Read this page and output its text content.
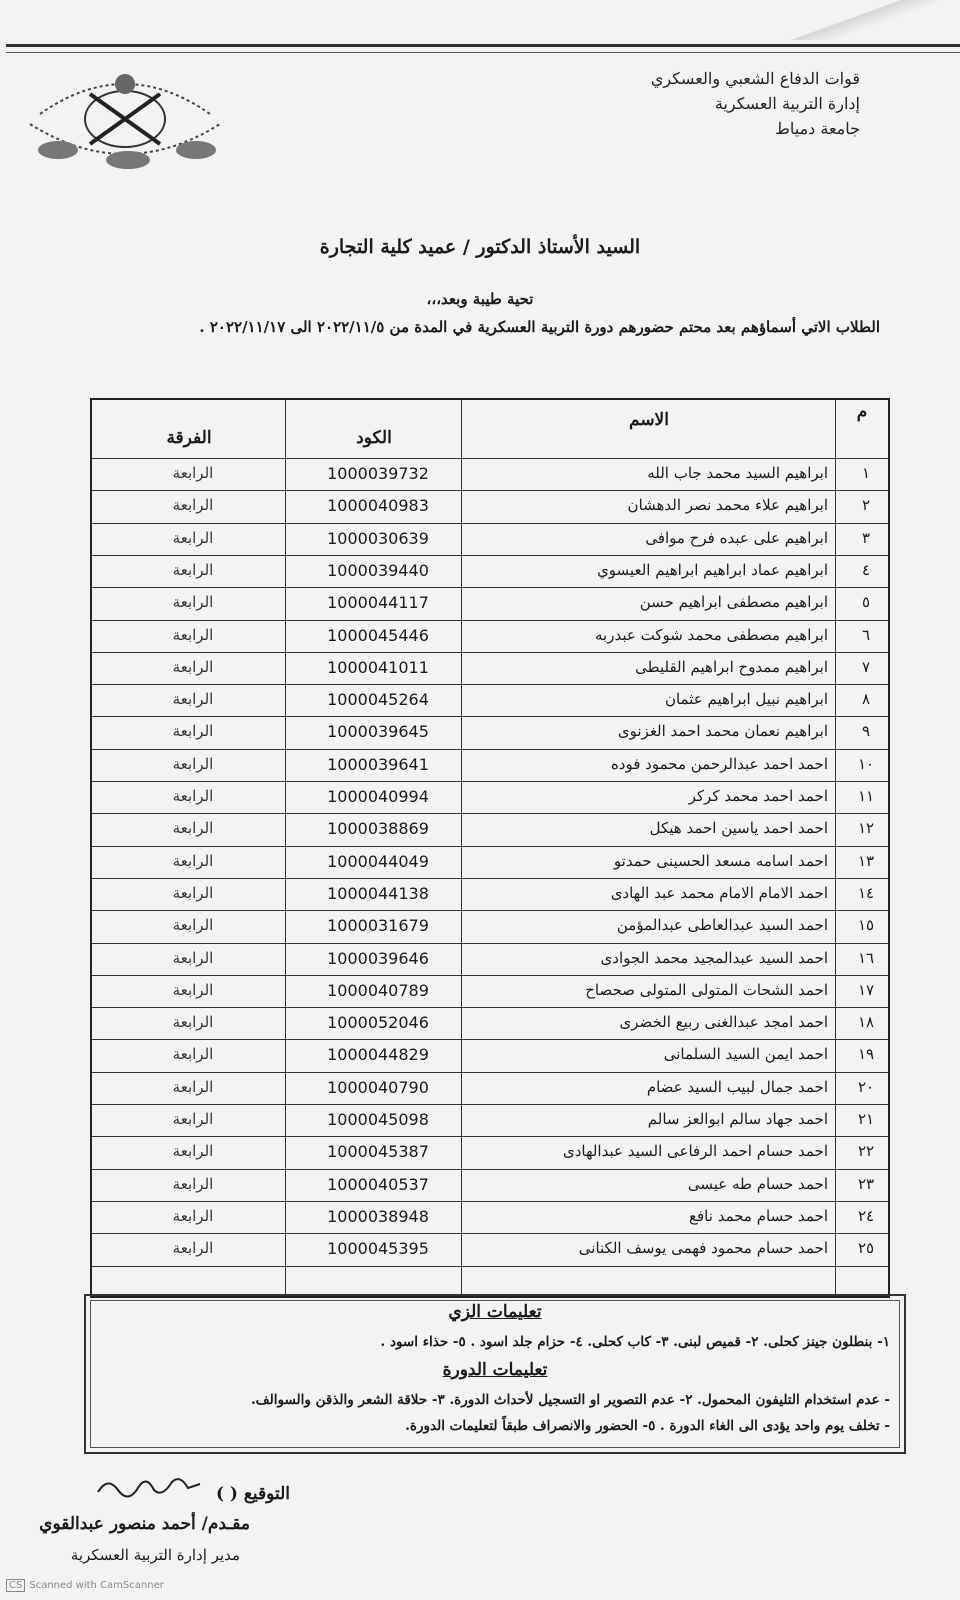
قوات الدفاع الشعبي والعسكري
إدارة التربية العسكرية
جامعة دمياط
السيد الأستاذ الدكتور / عميد كلية التجارة
تحية طيبة وبعد،،،
الطلاب الاتي أسماؤهم بعد محتم حضورهم دورة التربية العسكرية في المدة من ٢٠٢٢/١١/٥ الى ٢٠٢٢/١١/١٧ .
م
الاسم
الكود
الفرقة
١
ابراهيم السيد محمد جاب الله
1000039732
الرابعة
٢
ابراهيم علاء محمد نصر الدهشان
1000040983
الرابعة
٣
ابراهيم على عبده فرح موافى
1000030639
الرابعة
٤
ابراهيم عماد ابراهيم ابراهيم العيسوي
1000039440
الرابعة
٥
ابراهيم مصطفى ابراهيم حسن
1000044117
الرابعة
٦
ابراهيم مصطفى محمد شوكت عبدربه
1000045446
الرابعة
٧
ابراهيم ممدوح ابراهيم القليطى
1000041011
الرابعة
٨
ابراهيم نبيل ابراهيم عثمان
1000045264
الرابعة
٩
ابراهيم نعمان محمد احمد الغزنوى
1000039645
الرابعة
١٠
احمد احمد عبدالرحمن محمود فوده
1000039641
الرابعة
١١
احمد احمد محمد كركر
1000040994
الرابعة
١٢
احمد احمد ياسين احمد هيكل
1000038869
الرابعة
١٣
احمد اسامه مسعد الحسينى حمدتو
1000044049
الرابعة
١٤
احمد الامام الامام محمد عبد الهادى
1000044138
الرابعة
١٥
احمد السيد عبدالعاطى عبدالمؤمن
1000031679
الرابعة
١٦
احمد السيد عبدالمجيد محمد الجوادى
1000039646
الرابعة
١٧
احمد الشحات المتولى المتولى صحصاح
1000040789
الرابعة
١٨
احمد امجد عبدالغنى ربيع الخضرى
1000052046
الرابعة
١٩
احمد ايمن السيد السلمانى
1000044829
الرابعة
٢٠
احمد جمال لبيب السيد عضام
1000040790
الرابعة
٢١
احمد جهاد سالم ابوالعز سالم
1000045098
الرابعة
٢٢
احمد حسام احمد الرفاعى السيد عبدالهادى
1000045387
الرابعة
٢٣
احمد حسام طه عيسى
1000040537
الرابعة
٢٤
احمد حسام محمد نافع
1000038948
الرابعة
٢٥
احمد حسام محمود فهمى يوسف الكنانى
1000045395
الرابعة
تعليمات الزي
١- بنطلون جينز كحلى. ٢- قميص لبنى. ٣- كاب كحلى. ٤- حزام جلد اسود . ٥- حذاء اسود .
تعليمات الدورة
- عدم استخدام التليفون المحمول. ٢- عدم التصوير او التسجيل لأحداث الدورة. ٣- حلاقة الشعر والذقن والسوالف.
- تخلف يوم واحد يؤدى الى الغاء الدورة . ٥- الحضور والانصراف طبقاً لتعليمات الدورة.
التوقيع ( )
مقـدم/ أحمد منصور عبدالقوي
مدير إدارة التربية العسكرية
CS Scanned with CamScanner
